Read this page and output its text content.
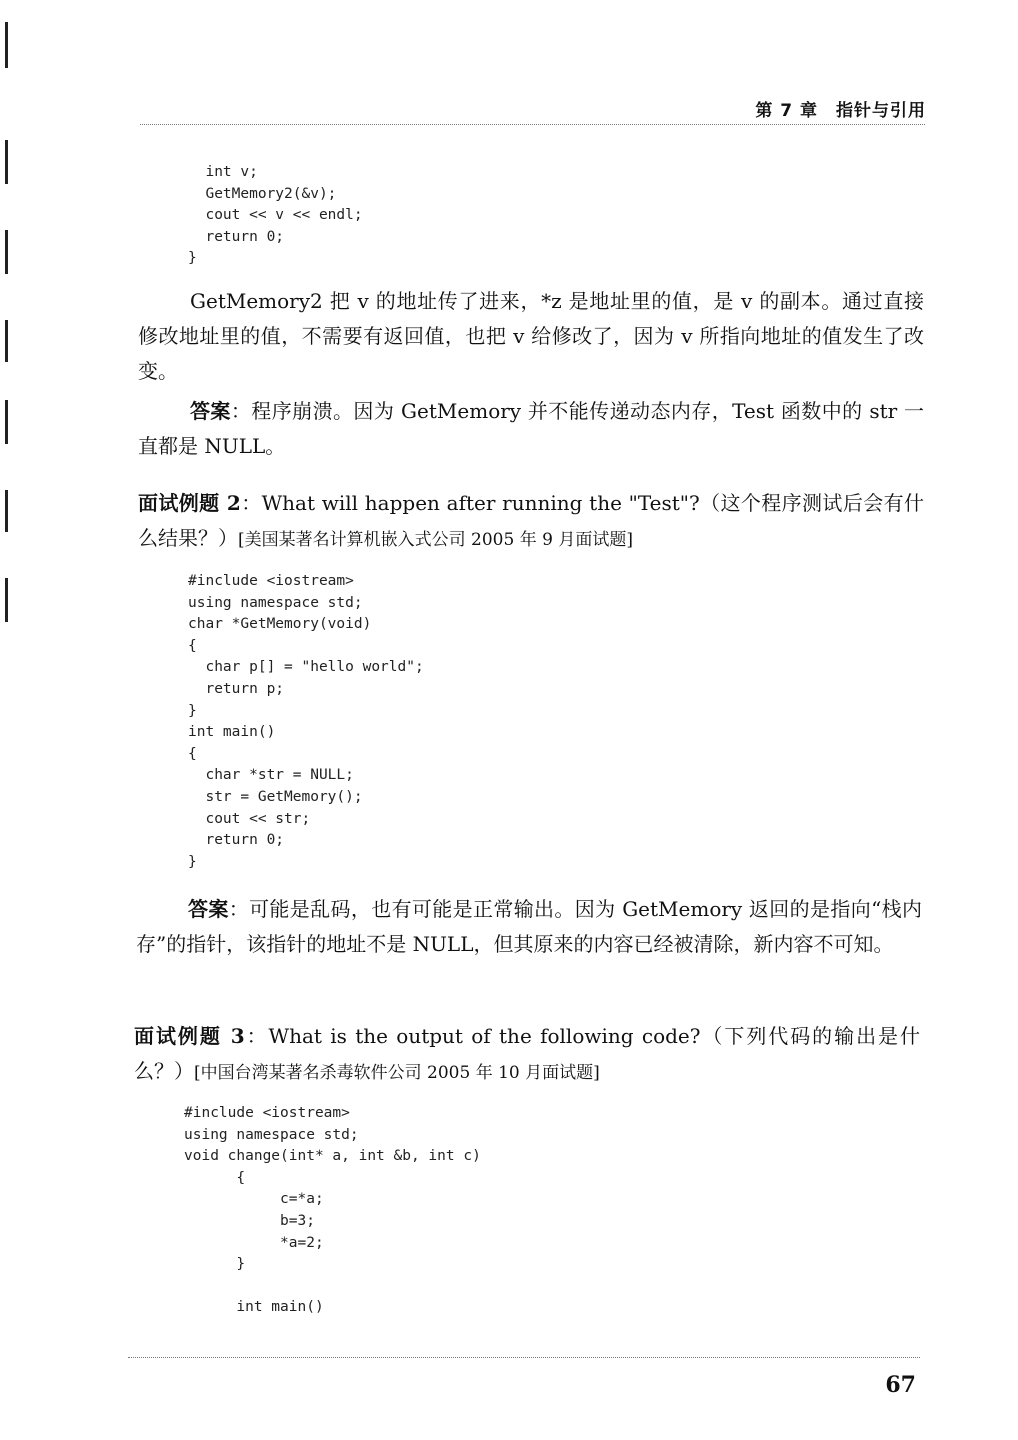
第 7 章 指针与引用
int v;
GetMemory2(&v);
cout << v << endl;
return 0;
}

GetMemory2 把 v 的地址传了进来，*z 是地址里的值，是 v 的副本。通过直接修改地址里的值，不需要有返回值，也把 v 给修改了，因为 v 所指向地址的值发生了改变。

答案：程序崩溃。因为 GetMemory 并不能传递动态内存，Test 函数中的 str 一直都是 NULL。

面试例题 2：What will happen after running the "Test"?（这个程序测试后会有什么结果？）[美国某著名计算机嵌入式公司 2005 年 9 月面试题]

#include <iostream>
using namespace std;
char *GetMemory(void)
{
char p[] = "hello world";
return p;
}
int main()
{
char *str = NULL;
str = GetMemory();
cout << str;
return 0;
}

答案：可能是乱码，也有可能是正常输出。因为 GetMemory 返回的是指向“栈内存”的指针，该指针的地址不是 NULL，但其原来的内容已经被清除，新内容不可知。

面试例题 3：What is the output of the following code?（下列代码的输出是什么？）[中国台湾某著名杀毒软件公司 2005 年 10 月面试题]

#include <iostream>
using namespace std;
void change(int* a, int &b, int c)
{
c=*a;
b=3;
*a=2;
}

int main()
67
